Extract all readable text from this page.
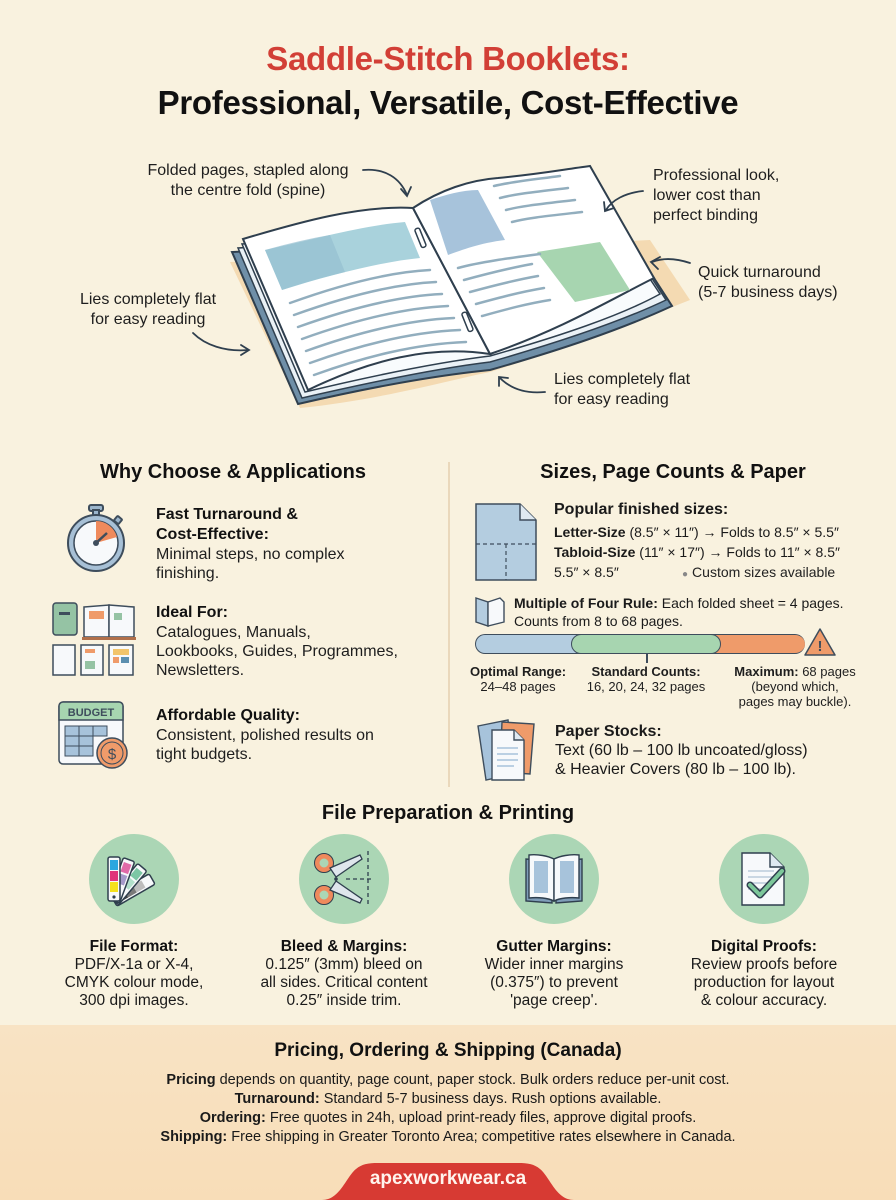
Saddle-Stitch Booklets:
Professional, Versatile, Cost-Effective
Folded pages, stapled along
the centre fold (spine)
Professional look,
lower cost than
perfect binding
Quick turnaround
(5-7 business days)
Lies completely flat
for easy reading
Lies completely flat
for easy reading
Why Choose & Applications
Fast Turnaround &
Cost-Effective:
Minimal steps, no complex
finishing.
Ideal For:
Catalogues, Manuals,
Lookbooks, Guides, Programmes,
Newsletters.
BUDGET
$
Affordable Quality:
Consistent, polished results on
tight budgets.
Sizes, Page Counts & Paper
Popular finished sizes:
Letter-Size (8.5″ × 11″) → Folds to 8.5″ × 5.5″
Tabloid-Size (11″ × 17″) → Folds to 11″ × 8.5″
5.5″ × 8.5″	● Custom sizes available
Multiple of Four Rule: Each folded sheet = 4 pages. Counts from 8 to 68 pages.
!
Optimal Range:
24–48 pages
Standard Counts:
16, 20, 24, 32 pages
Maximum: 68 pages
(beyond which,
pages may buckle).
Paper Stocks:
Text (60 lb – 100 lb uncoated/gloss)
& Heavier Covers (80 lb – 100 lb).
File Preparation & Printing
File Format:
PDF/X-1a or X-4,
CMYK colour mode,
300 dpi images.
Bleed & Margins:
0.125″ (3mm) bleed on
all sides. Critical content
0.25″ inside trim.
Gutter Margins:
Wider inner margins
(0.375″) to prevent
'page creep'.
Digital Proofs:
Review proofs before
production for layout
& colour accuracy.
Pricing, Ordering & Shipping (Canada)
Pricing depends on quantity, page count, paper stock. Bulk orders reduce per-unit cost.
Turnaround: Standard 5-7 business days. Rush options available.
Ordering: Free quotes in 24h, upload print-ready files, approve digital proofs.
Shipping: Free shipping in Greater Toronto Area; competitive rates elsewhere in Canada.
apexworkwear.ca
